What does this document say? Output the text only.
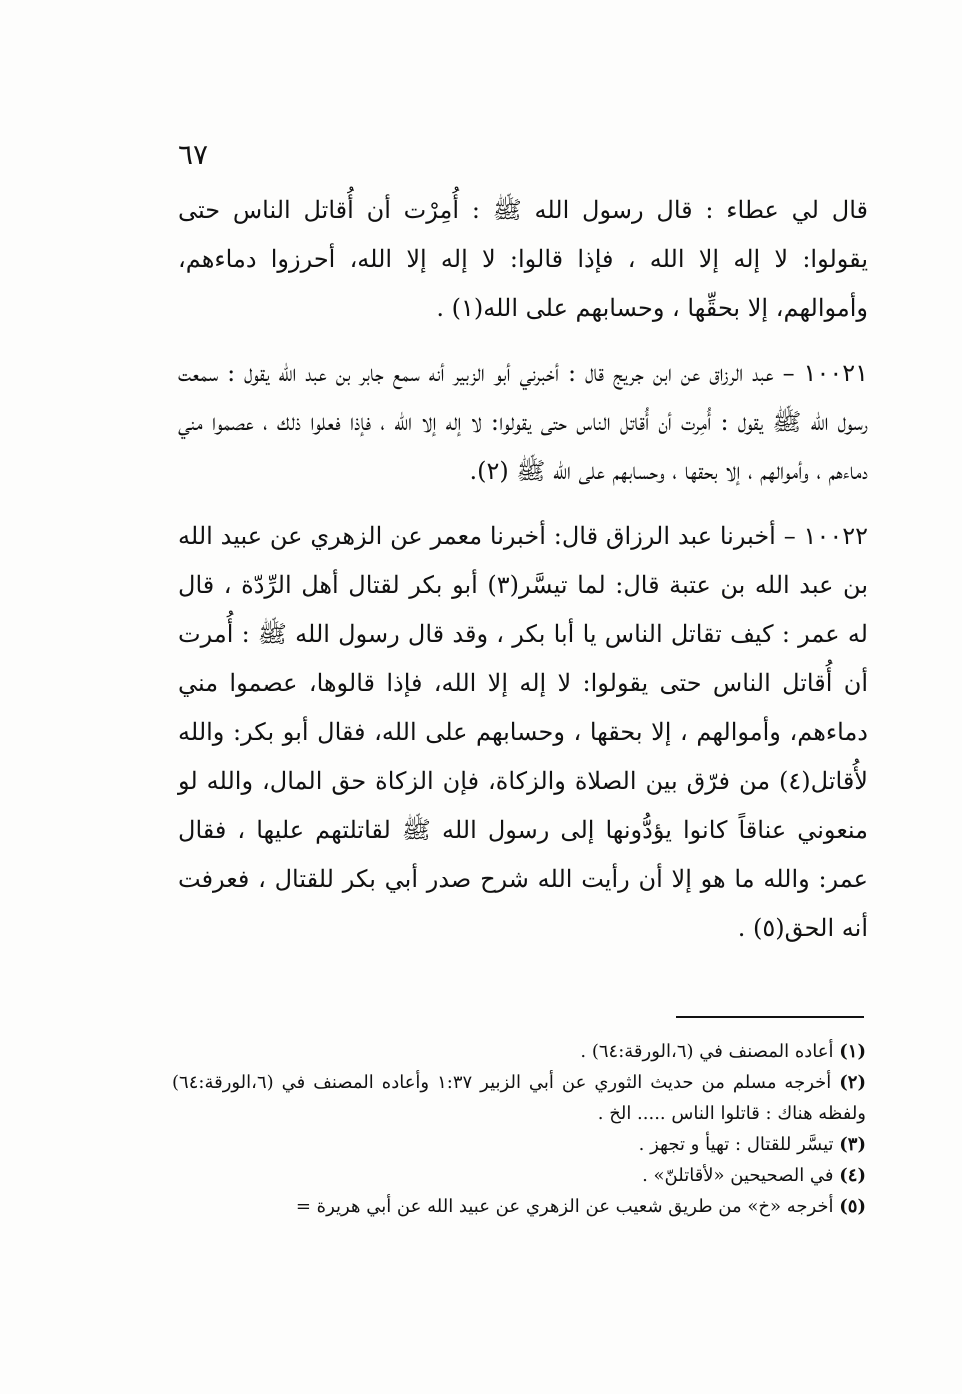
٦٧

قال لي عطاء : قال رسول الله ﷺ : أُمِرْت أن أُقاتل الناس حتى يقولوا: لا إله إلا الله ، فإذا قالوا: لا إله إلا الله، أحرزوا دماءهم، وأموالهم، إلا بحقِّها ، وحسابهم على الله(١) .

١٠٠٢١ – عبد الرزاق عن ابن جريج قال : أخبرني أبو الزبير أنه سمع جابر بن عبد الله يقول : سمعت رسول الله ﷺ يقول : أُمِرت أن أُقاتل الناس حتى يقولوا: لا إله إلا الله ، فإذا فعلوا ذلك ، عصموا مني دماءهم ، وأموالهم ، إلا بحقها ، وحسابهم على الله ﷺ (٢).

١٠٠٢٢ – أخبرنا عبد الرزاق قال: أخبرنا معمر عن الزهري عن عبيد الله بن عبد الله بن عتبة قال: لما تيسَّر(٣) أبو بكر لقتال أهل الرِّدّة ، قال له عمر : كيف تقاتل الناس يا أبا بكر ، وقد قال رسول الله ﷺ : أُمرت أن أُقاتل الناس حتى يقولوا: لا إله إلا الله، فإذا قالوها، عصموا مني دماءهم، وأموالهم ، إلا بحقها ، وحسابهم على الله، فقال أبو بكر: والله لأُقاتل(٤) من فرّق بين الصلاة والزكاة، فإن الزكاة حق المال، والله لو منعوني عناقاً كانوا يؤدُّونها إلى رسول الله ﷺ لقاتلتهم عليها ، فقال عمر: والله ما هو إلا أن رأيت الله شرح صدر أبي بكر للقتال ، فعرفت أنه الحق(٥) .

(١) أعاده المصنف في (٦،الورقة:٦٤) .

(٢) أخرجه مسلم من حديث الثوري عن أبي الزبير ١:٣٧ وأعاده المصنف في (٦،الورقة:٦٤) ولفظه هناك : قاتلوا الناس ..... الخ .

(٣) تيسَّر للقتال : تهيأ و تجهز .

(٤) في الصحيحين «لأقاتلنّ» .

(٥) أخرجه «خ» من طريق شعيب عن الزهري عن عبيد الله عن أبي هريرة =
